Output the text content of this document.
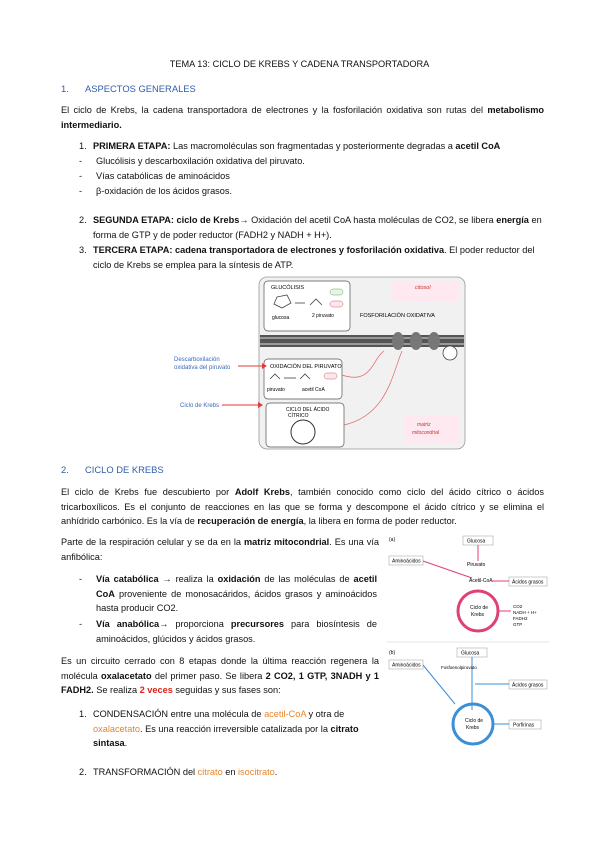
TEMA 13: CICLO DE KREBS Y CADENA TRANSPORTADORA
1. ASPECTOS GENERALES
El ciclo de Krebs, la cadena transportadora de electrones y la fosforilación oxidativa son rutas del metabolismo intermediario.
1. PRIMERA ETAPA: Las macromoléculas son fragmentadas y posteriormente degradas a acetil CoA
-	Glucólisis y descarboxilación oxidativa del piruvato.
-	Vías catabólicas de aminoácidos
-	β-oxidación de los ácidos grasos.
2. SEGUNDA ETAPA: ciclo de Krebs→ Oxidación del acetil CoA hasta moléculas de CO2, se libera energía en forma de GTP y de poder reductor (FADH2 y NADH + H+).
3. TERCERA ETAPA: cadena transportadora de electrones y fosforilación oxidativa. El poder reductor del ciclo de Krebs se emplea para la síntesis de ATP.
GLUCÓLISIS
glucosa	2 piruvato
citosol
FOSFORILACIÓN OXIDATIVA
OXIDACIÓN DEL PIRUVATO
piruvato	acetil CoA
CICLO DEL ÁCIDO
CÍTRICO
matriz
mitocondrial
Descarboxilación
oxidativa del piruvato
Ciclo de Krebs
2. CICLO DE KREBS
El ciclo de Krebs fue descubierto por Adolf Krebs, también conocido como ciclo del ácido cítrico o ácidos tricarboxílicos. Es el conjunto de reacciones en las que se forma y descompone el ácido cítrico y se elimina el anhídrido carbónico. Es la vía de recuperación de energía, la libera en forma de poder reductor.
Parte de la respiración celular y se da en la matriz mitocondrial. Es una vía anfibólica:
-	Vía catabólica → realiza la oxidación de las moléculas de acetil CoA proveniente de monosacáridos, ácidos grasos y aminoácidos hasta producir CO2.
-	Vía anabólica→ proporciona precursores para biosíntesis de aminoácidos, glúcidos y ácidos grasos.
Es un circuito cerrado con 8 etapas donde la última reacción regenera la molécula oxalacetato del primer paso. Se libera 2 CO2, 1 GTP, 3NADH y 1 FADH2. Se realiza 2 veces seguidas y sus fases son:
1. CONDENSACIÓN entre una molécula de acetil-CoA y otra de oxalacetato. Es una reacción irreversible catalizada por la citrato sintasa.
2. TRANSFORMACIÓN del citrato en isocitrato.
(a)	Glucosa
Piruvato
Aminoácidos
Acetil-CoA	Ácidos grasos
Ciclo de
Krebs
CO2
NADH + H+
FADH2
GTP
(b)	Glucosa
Fosfoenolpiruvato
Aminoácidos
Ácidos grasos
Ciclo de
Krebs	Porfirinas
